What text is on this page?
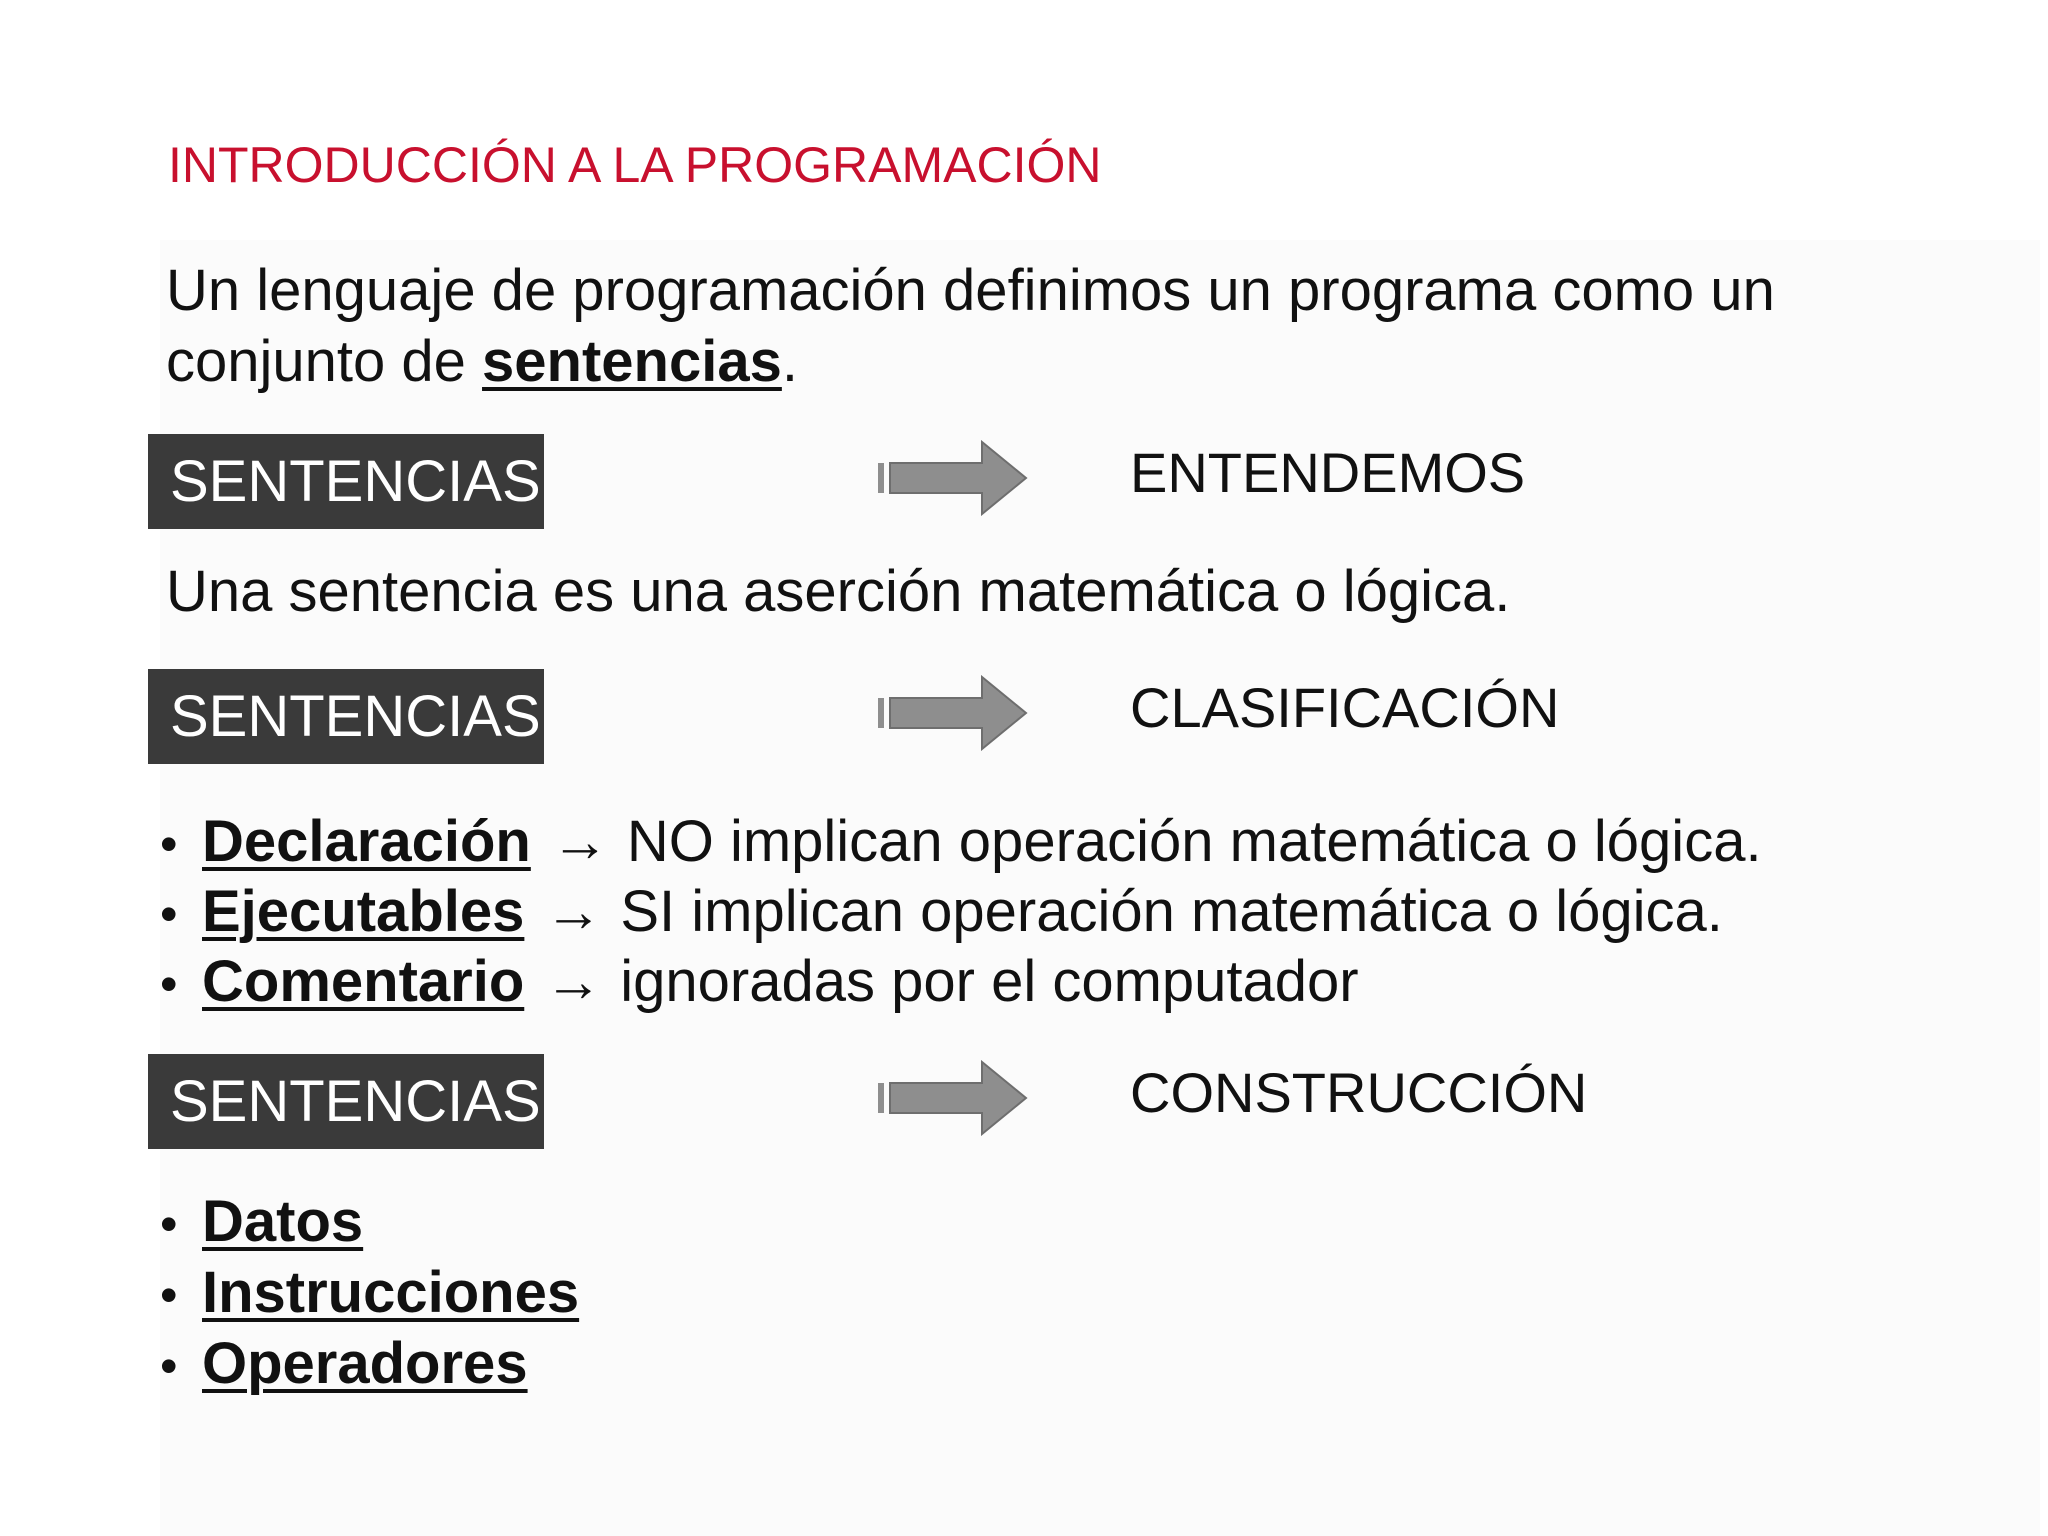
INTRODUCCIÓN A LA PROGRAMACIÓN
Un lenguaje de programación definimos un programa como un
conjunto de sentencias.
SENTENCIAS	ENTENDEMOS
Una sentencia es una aserción matemática o lógica.
SENTENCIAS	CLASIFICACIÓN
• Declaración → NO implican operación matemática o lógica.
• Ejecutables → SI implican operación matemática o lógica.
• Comentario → ignoradas por el computador
SENTENCIAS	CONSTRUCCIÓN
• Datos
• Instrucciones
• Operadores
